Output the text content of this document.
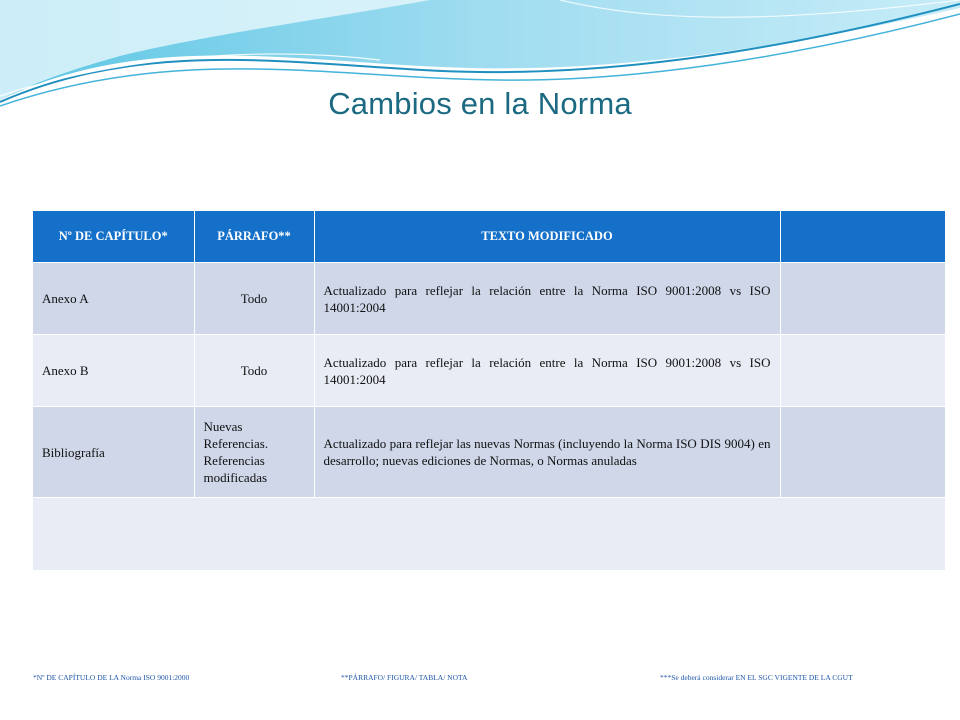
Cambios en la Norma
Nº DE CAPÍTULO*	PÁRRAFO**	TEXTO MODIFICADO	
Anexo A	Todo	Actualizado para reflejar la relación entre la Norma ISO 9001:2008 vs ISO 14001:2004	
Anexo B	Todo	Actualizado para reflejar la relación entre la Norma ISO 9001:2008 vs ISO 14001:2004	
Bibliografía	Nuevas Referencias. Referencias modificadas	Actualizado para reflejar las nuevas Normas (incluyendo la Norma ISO DIS 9004) en desarrollo; nuevas ediciones de Normas, o Normas anuladas	

*Nº DE CAPÍTULO DE LA Norma ISO 9001:2000	**PÁRRAFO/ FIGURA/ TABLA/ NOTA	***Se deberá considerar EN EL SGC VIGENTE DE LA CGUT
